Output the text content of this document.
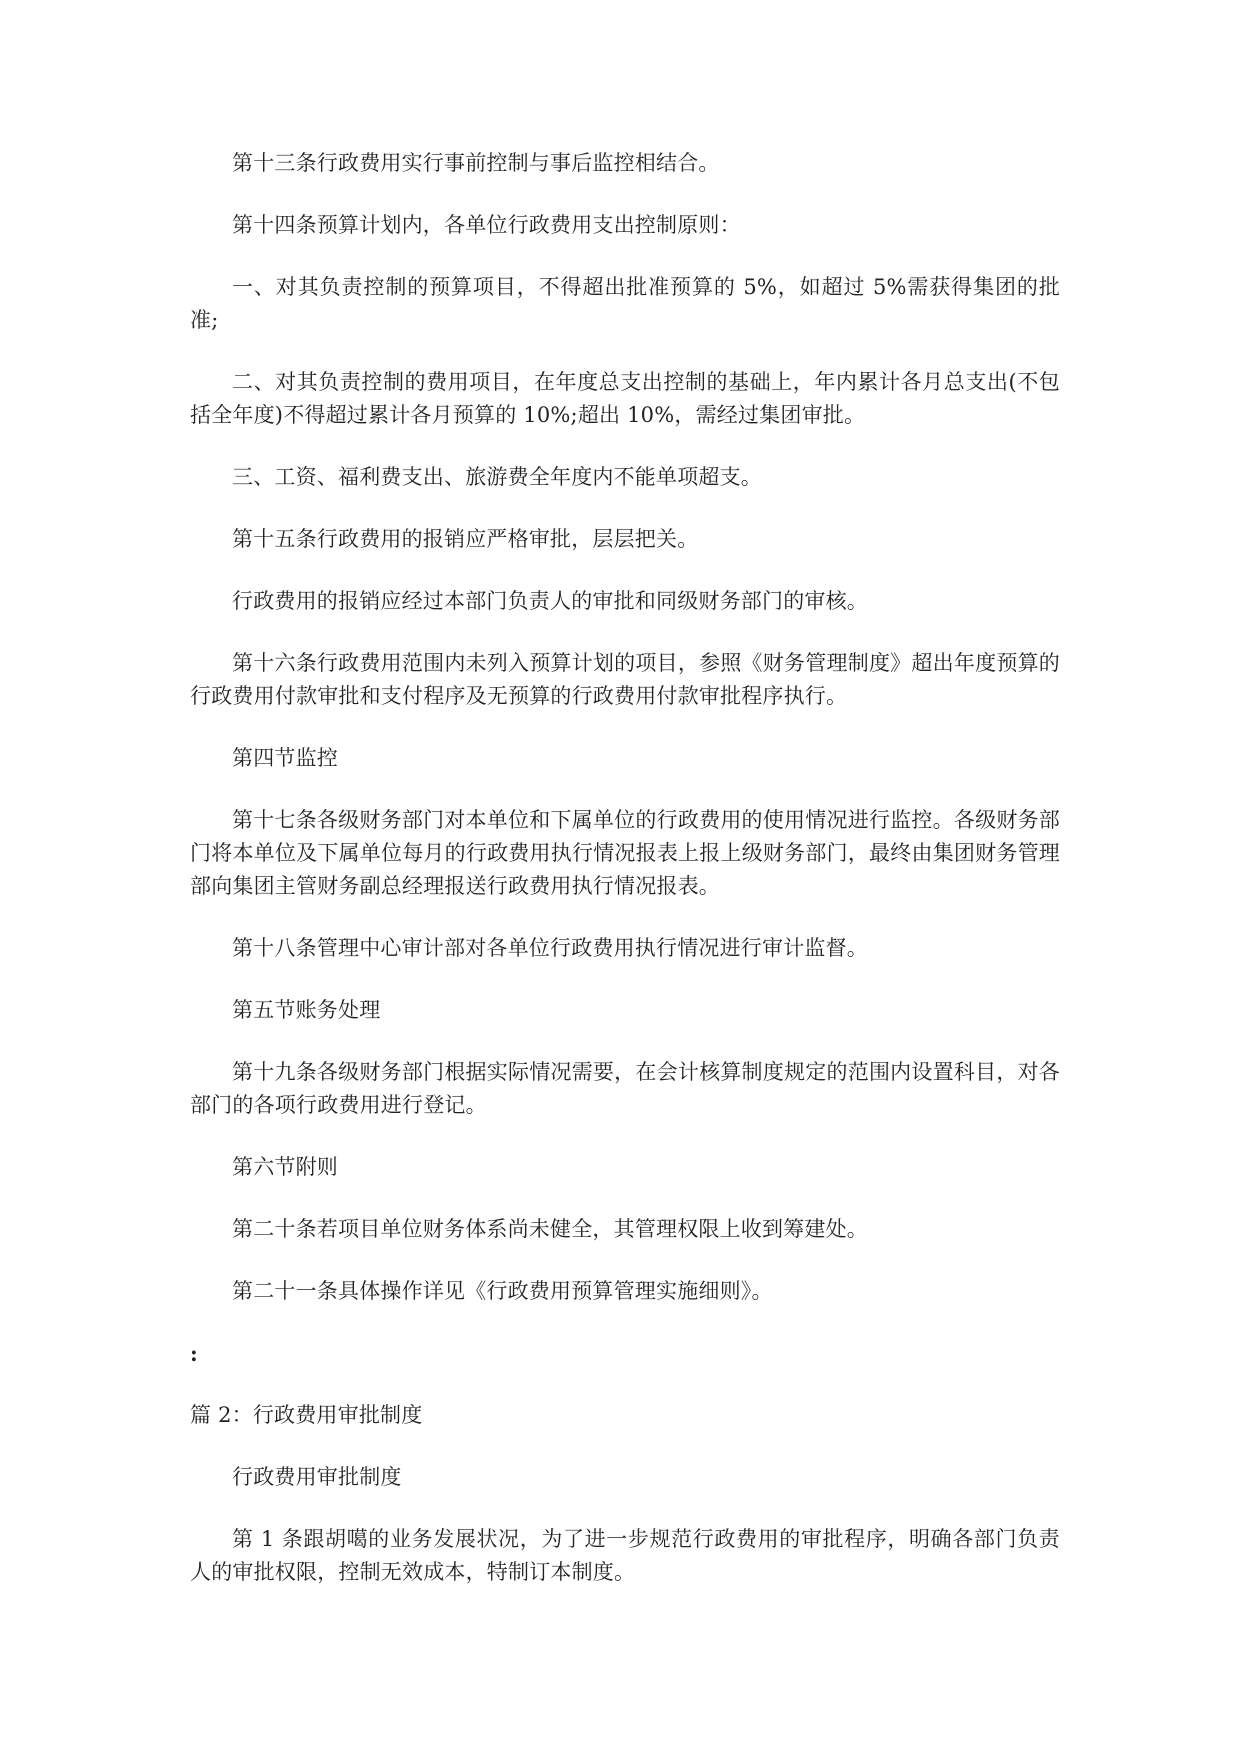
第十三条行政费用实行事前控制与事后监控相结合。

第十四条预算计划内，各单位行政费用支出控制原则：

一、对其负责控制的预算项目，不得超出批准预算的 5%，如超过 5%需获得集团的批准;

二、对其负责控制的费用项目，在年度总支出控制的基础上，年内累计各月总支出(不包括全年度)不得超过累计各月预算的 10%;超出 10%，需经过集团审批。

三、工资、福利费支出、旅游费全年度内不能单项超支。

第十五条行政费用的报销应严格审批，层层把关。

行政费用的报销应经过本部门负责人的审批和同级财务部门的审核。

第十六条行政费用范围内未列入预算计划的项目，参照《财务管理制度》超出年度预算的行政费用付款审批和支付程序及无预算的行政费用付款审批程序执行。

第四节监控

第十七条各级财务部门对本单位和下属单位的行政费用的使用情况进行监控。各级财务部门将本单位及下属单位每月的行政费用执行情况报表上报上级财务部门，最终由集团财务管理部向集团主管财务副总经理报送行政费用执行情况报表。

第十八条管理中心审计部对各单位行政费用执行情况进行审计监督。

第五节账务处理

第十九条各级财务部门根据实际情况需要，在会计核算制度规定的范围内设置科目，对各部门的各项行政费用进行登记。

第六节附则

第二十条若项目单位财务体系尚未健全，其管理权限上收到筹建处。

第二十一条具体操作详见《行政费用预算管理实施细则》。

:

篇 2：行政费用审批制度

行政费用审批制度

第 1 条跟胡噶的业务发展状况，为了进一步规范行政费用的审批程序，明确各部门负责人的审批权限，控制无效成本，特制订本制度。
